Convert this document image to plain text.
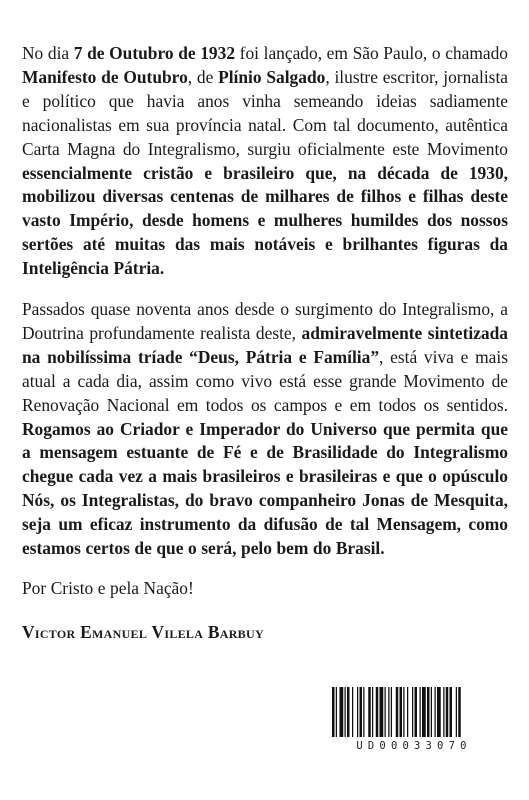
No dia 7 de Outubro de 1932 foi lançado, em São Paulo, o chamado Manifesto de Outubro, de Plínio Salgado, ilustre escritor, jornalista e político que havia anos vinha semeando ideias sadiamente nacionalistas em sua província natal. Com tal documento, autêntica Carta Magna do Integralismo, surgiu oficialmente este Movimento essencialmente cristão e brasileiro que, na década de 1930, mobilizou diversas centenas de milhares de filhos e filhas deste vasto Império, desde homens e mulheres humildes dos nossos sertões até muitas das mais notáveis e brilhantes figuras da Inteligência Pátria.

Passados quase noventa anos desde o surgimento do Integralismo, a Doutrina profundamente realista deste, admiravelmente sintetizada na nobilíssima tríade “Deus, Pátria e Família”, está viva e mais atual a cada dia, assim como vivo está esse grande Movimento de Renovação Nacional em todos os campos e em todos os sentidos. Rogamos ao Criador e Imperador do Universo que permita que a mensagem estuante de Fé e de Brasilidade do Integralismo chegue cada vez a mais brasileiros e brasileiras e que o opúsculo Nós, os Integralistas, do bravo companheiro Jonas de Mesquita, seja um eficaz instrumento da difusão de tal Mensagem, como estamos certos de que o será, pelo bem do Brasil.

Por Cristo e pela Nação!

Victor Emanuel Vilela Barbuy
UD00033070
